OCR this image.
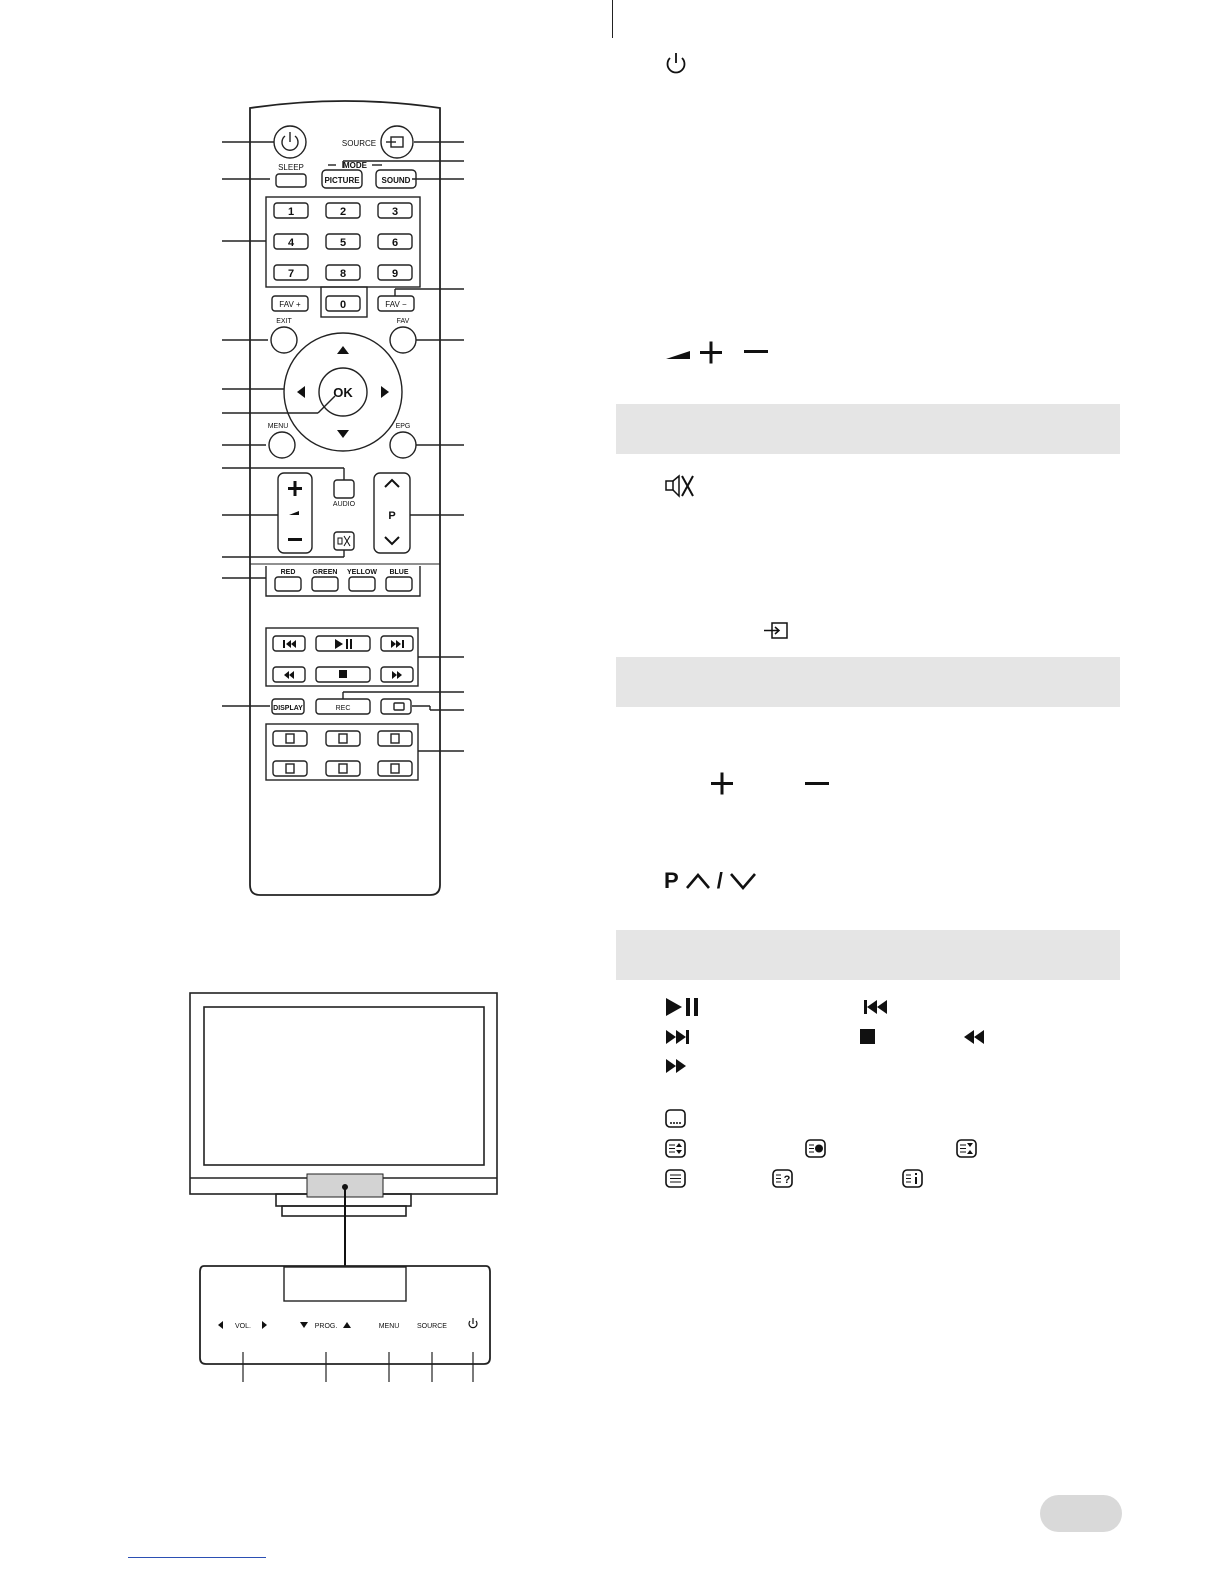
SOURCE
SLEEP	MODE
PICTURE	SOUND
1	2	3
4	5	6
7	8	9
0
FAV +	FAV −
EXIT	FAV
OK
MENU	EPG
AUDIO
P
RED GREEN YELLOW BLUE
DISPLAY	REC
VOL.	PROG.	MENU	SOURCE
P /
?
